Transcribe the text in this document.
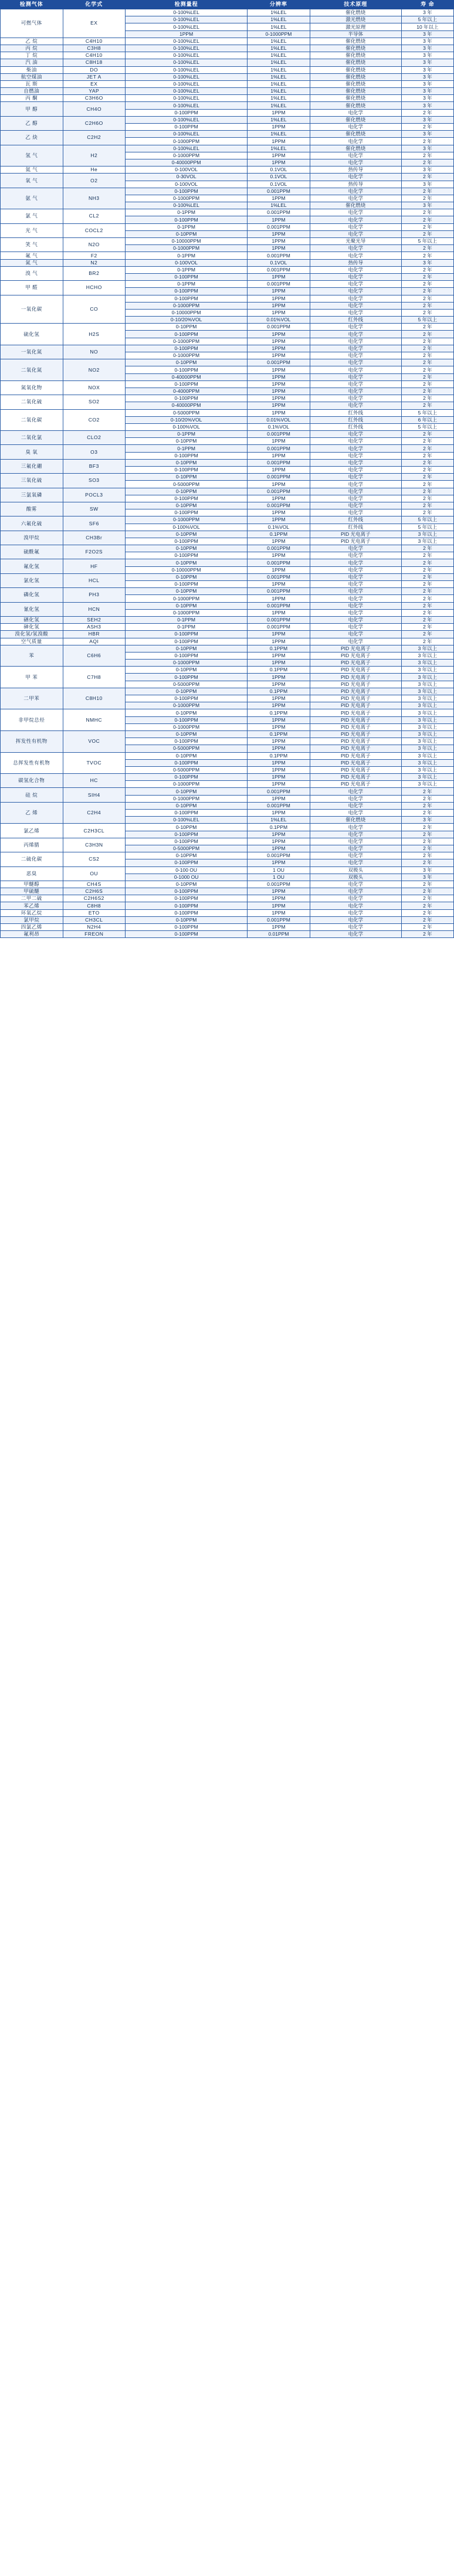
检测气体	化学式	检测量程	分辨率	技术原理	寿 命
可燃气体	EX	0-100%LEL	1%LEL	催化燃烧	3 年
		0-100%LEL	1%LEL	激光燃烧	5 年以上
		0-100%LEL	1%LEL	激光原理	10 年以上
		1PPM	0-1000PPM	半导体	3 年
乙 烷	C4H10	0-100%LEL	1%LEL	催化燃烧	3 年
丙 烷	C3H8	0-100%LEL	1%LEL	催化燃烧	3 年
丁 烷	C4H10	0-100%LEL	1%LEL	催化燃烧	3 年
汽 油	C8H18	0-100%LEL	1%LEL	催化燃烧	3 年
柴油	DO	0-100%LEL	1%LEL	催化燃烧	3 年
航空煤油	JET A	0-100%LEL	1%LEL	催化燃烧	3 年
瓦 斯	EX	0-100%LEL	1%LEL	催化燃烧	3 年
自燃油	YAP	0-100%LEL	1%LEL	催化燃烧	3 年
丙 酮	C3H6O	0-100%LEL	1%LEL	催化燃烧	3 年
甲 醇	CH4O	0-100%LEL	1%LEL	催化燃烧	3 年
		0-100PPM	1PPM	电化学	2 年
乙 醇	C2H6O	0-100%LEL	1%LEL	催化燃烧	3 年
		0-100PPM	1PPM	电化学	2 年
乙 炔	C2H2	0-100%LEL	1%LEL	催化燃烧	3 年
		0-1000PPM	1PPM	电化学	2 年
氢 气	H2	0-100%LEL	1%LEL	催化燃烧	3 年
		0-1000PPM	1PPM	电化学	2 年
		0-40000PPM	1PPM	电化学	2 年
氦 气	He	0-100VOL	0.1VOL	热传导	3 年
氧 气	O2	0-30VOL	0.1VOL	电化学	2 年
		0-100VOL	0.1VOL	热传导	3 年
氨 气	NH3	0-100PPM	0.001PPM	电化学	2 年
		0-1000PPM	1PPM	电化学	2 年
		0-100%LEL	1%LEL	催化燃烧	3 年
氯 气	CL2	0-1PPM	0.001PPM	电化学	2 年
		0-100PPM	1PPM	电化学	2 年
光 气	COCL2	0-1PPM	0.001PPM	电化学	2 年
		0-10PPM	1PPM	电化学	2 年
笑 气	N2O	0-10000PPM	1PPM	光聚光导	5 年以上
		0-1000PPM	1PPM	电化学	2 年
氟 气	F2	0-1PPM	0.001PPM	电化学	2 年
氮 气	N2	0-100VOL	0.1VOL	热传导	3 年
溴 气	BR2	0-1PPM	0.001PPM	电化学	2 年
		0-100PPM	1PPM	电化学	2 年
甲 醛	HCHO	0-1PPM	0.001PPM	电化学	2 年
		0-100PPM	1PPM	电化学	2 年
一氧化碳	CO	0-100PPM	1PPM	电化学	2 年
		0-1000PPM	1PPM	电化学	2 年
		0-10000PPM	1PPM	电化学	2 年
		0-10/20%VOL	0.01%VOL	红外线	5 年以上
硫化氢	H2S	0-10PPM	0.001PPM	电化学	2 年
		0-100PPM	1PPM	电化学	2 年
		0-1000PPM	1PPM	电化学	2 年
一氧化氮	NO	0-100PPM	1PPM	电化学	2 年
		0-1000PPM	1PPM	电化学	2 年
二氧化氮	NO2	0-10PPM	0.001PPM	电化学	2 年
		0-100PPM	1PPM	电化学	2 年
		0-40000PPM	1PPM	电化学	2 年
氮氧化物	NOX	0-100PPM	1PPM	电化学	2 年
		0-4000PPM	1PPM	电化学	2 年
二氧化硫	SO2	0-100PPM	1PPM	电化学	2 年
		0-40000PPM	1PPM	电化学	2 年
二氧化碳	CO2	0-5000PPM	1PPM	红外线	5 年以上
		0-10/20%VOL	0.01%VOL	红外线	6 年以上
		0-100%VOL	0.1%VOL	红外线	5 年以上
二氧化氯	CLO2	0-1PPM	0.001PPM	电化学	2 年
		0-10PPM	1PPM	电化学	2 年
臭 氧	O3	0-1PPM	0.001PPM	电化学	2 年
		0-100PPM	1PPM	电化学	2 年
三氟化硼	BF3	0-10PPM	0.001PPM	电化学	2 年
		0-100PPM	1PPM	电化学	2 年
三氧化硫	SO3	0-10PPM	0.001PPM	电化学	2 年
		0-5000PPM	1PPM	电化学	2 年
三氯氧磷	POCL3	0-10PPM	0.001PPM	电化学	2 年
		0-100PPM	1PPM	电化学	2 年
酸雾	SW	0-10PPM	0.001PPM	电化学	2 年
		0-100PPM	1PPM	电化学	2 年
六氟化硫	SF6	0-1000PPM	1PPM	红外线	5 年以上
		0-100%VOL	0.1%VOL	红外线	5 年以上
溴甲烷	CH3Br	0-10PPM	0.1PPM	PID 光电离子	3 年以上
		0-100PPM	1PPM	PID 光电离子	3 年以上
硫酰氟	F2O2S	0-10PPM	0.001PPM	电化学	2 年
		0-100PPM	1PPM	电化学	2 年
氟化氢	HF	0-10PPM	0.001PPM	电化学	2 年
		0-10000PPM	1PPM	电化学	2 年
氯化氢	HCL	0-10PPM	0.001PPM	电化学	2 年
		0-100PPM	1PPM	电化学	2 年
磷化氢	PH3	0-10PPM	0.001PPM	电化学	2 年
		0-1000PPM	1PPM	电化学	2 年
氰化氢	HCN	0-10PPM	0.001PPM	电化学	2 年
		0-1000PPM	1PPM	电化学	2 年
硒化氢	SEH2	0-1PPM	0.001PPM	电化学	2 年
砷化氢	ASH3	0-1PPM	0.001PPM	电化学	2 年
溴化氢/氢溴酸	HBR	0-100PPM	1PPM	电化学	2 年
空气质量	AQI	0-100PPM	1PPM	电化学	2 年
苯	C6H6	0-10PPM	0.1PPM	PID 光电离子	3 年以上
		0-100PPM	1PPM	PID 光电离子	3 年以上
		0-1000PPM	1PPM	PID 光电离子	3 年以上
甲 苯	C7H8	0-10PPM	0.1PPM	PID 光电离子	3 年以上
		0-100PPM	1PPM	PID 光电离子	3 年以上
		0-5000PPM	1PPM	PID 光电离子	3 年以上
二甲苯	C8H10	0-10PPM	0.1PPM	PID 光电离子	3 年以上
		0-100PPM	1PPM	PID 光电离子	3 年以上
		0-1000PPM	1PPM	PID 光电离子	3 年以上
非甲烷总烃	NMHC	0-10PPM	0.1PPM	PID 光电离子	3 年以上
		0-100PPM	1PPM	PID 光电离子	3 年以上
		0-1000PPM	1PPM	PID 光电离子	3 年以上
挥发性有机物	VOC	0-10PPM	0.1PPM	PID 光电离子	3 年以上
		0-100PPM	1PPM	PID 光电离子	3 年以上
		0-5000PPM	1PPM	PID 光电离子	3 年以上
总挥发性有机物	TVOC	0-10PPM	0.1PPM	PID 光电离子	3 年以上
		0-100PPM	1PPM	PID 光电离子	3 年以上
		0-5000PPM	1PPM	PID 光电离子	3 年以上
碳氢化合物	HC	0-100PPM	1PPM	PID 光电离子	3 年以上
		0-1000PPM	1PPM	PID 光电离子	3 年以上
硅 烷	SIH4	0-10PPM	0.001PPM	电化学	2 年
		0-1000PPM	1PPM	电化学	2 年
乙 烯	C2H4	0-10PPM	0.001PPM	电化学	2 年
		0-100PPM	1PPM	电化学	2 年
		0-100%LEL	1%LEL	催化燃烧	3 年
氯乙烯	C2H3CL	0-10PPM	0.1PPM	电化学	2 年
		0-100PPM	1PPM	电化学	2 年
丙烯腈	C3H3N	0-100PPM	1PPM	电化学	2 年
		0-5000PPM	1PPM	电化学	2 年
二硫化碳	CS2	0-10PPM	0.001PPM	电化学	2 年
		0-100PPM	1PPM	电化学	2 年
恶臭	OU	0-100 OU	1 OU	双极头	3 年
		0-1000 OU	1 OU	双极头	3 年
甲醚醇	CH4S	0-10PPM	0.001PPM	电化学	2 年
甲硫醚	C2H6S	0-100PPM	1PPM	电化学	2 年
二甲二硫	C2H6S2	0-100PPM	1PPM	电化学	2 年
苯乙烯	C8H8	0-100PPM	1PPM	电化学	2 年
环氧乙烷	ETO	0-100PPM	1PPM	电化学	2 年
氯甲烷	CH3CL	0-10PPM	0.001PPM	电化学	2 年
四氯乙烯	N2H4	0-100PPM	1PPM	电化学	2 年
氟利昂	FREON	0-100PPM	0.01PPM	电化学	2 年
